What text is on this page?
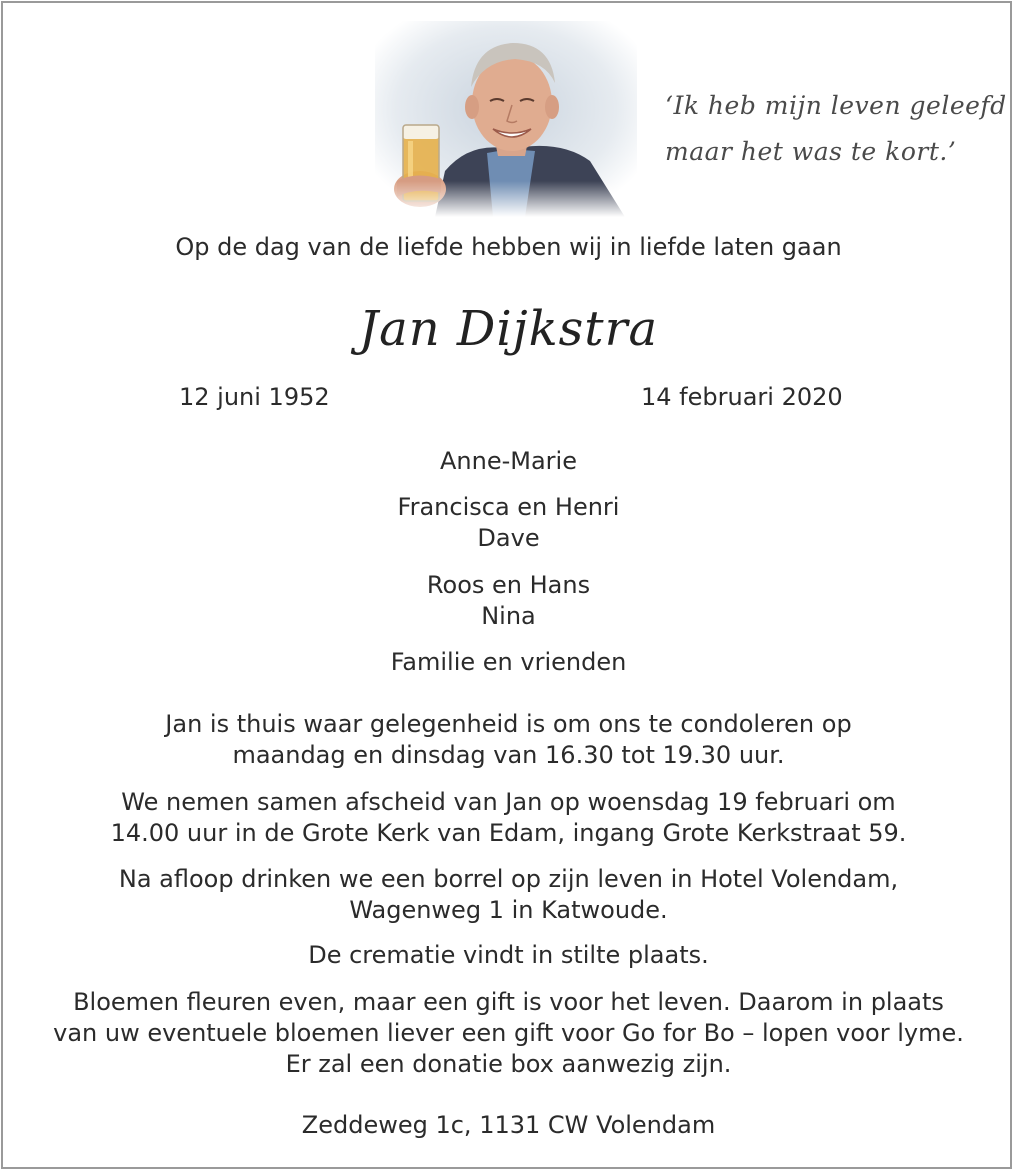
‘Ik heb mijn leven geleefd
maar het was te kort.’
Op de dag van de liefde hebben wij in liefde laten gaan
Jan Dijkstra
12 juni 1952	14 februari 2020
Anne-Marie
Francisca en Henri
Dave
Roos en Hans
Nina
Familie en vrienden
Jan is thuis waar gelegenheid is om ons te condoleren op
maandag en dinsdag van 16.30 tot 19.30 uur.
We nemen samen afscheid van Jan op woensdag 19 februari om
14.00 uur in de Grote Kerk van Edam, ingang Grote Kerkstraat 59.
Na afloop drinken we een borrel op zijn leven in Hotel Volendam,
Wagenweg 1 in Katwoude.
De crematie vindt in stilte plaats.
Bloemen fleuren even, maar een gift is voor het leven. Daarom in plaats
van uw eventuele bloemen liever een gift voor Go for Bo – lopen voor lyme.
Er zal een donatie box aanwezig zijn.
Zeddeweg 1c, 1131 CW Volendam
